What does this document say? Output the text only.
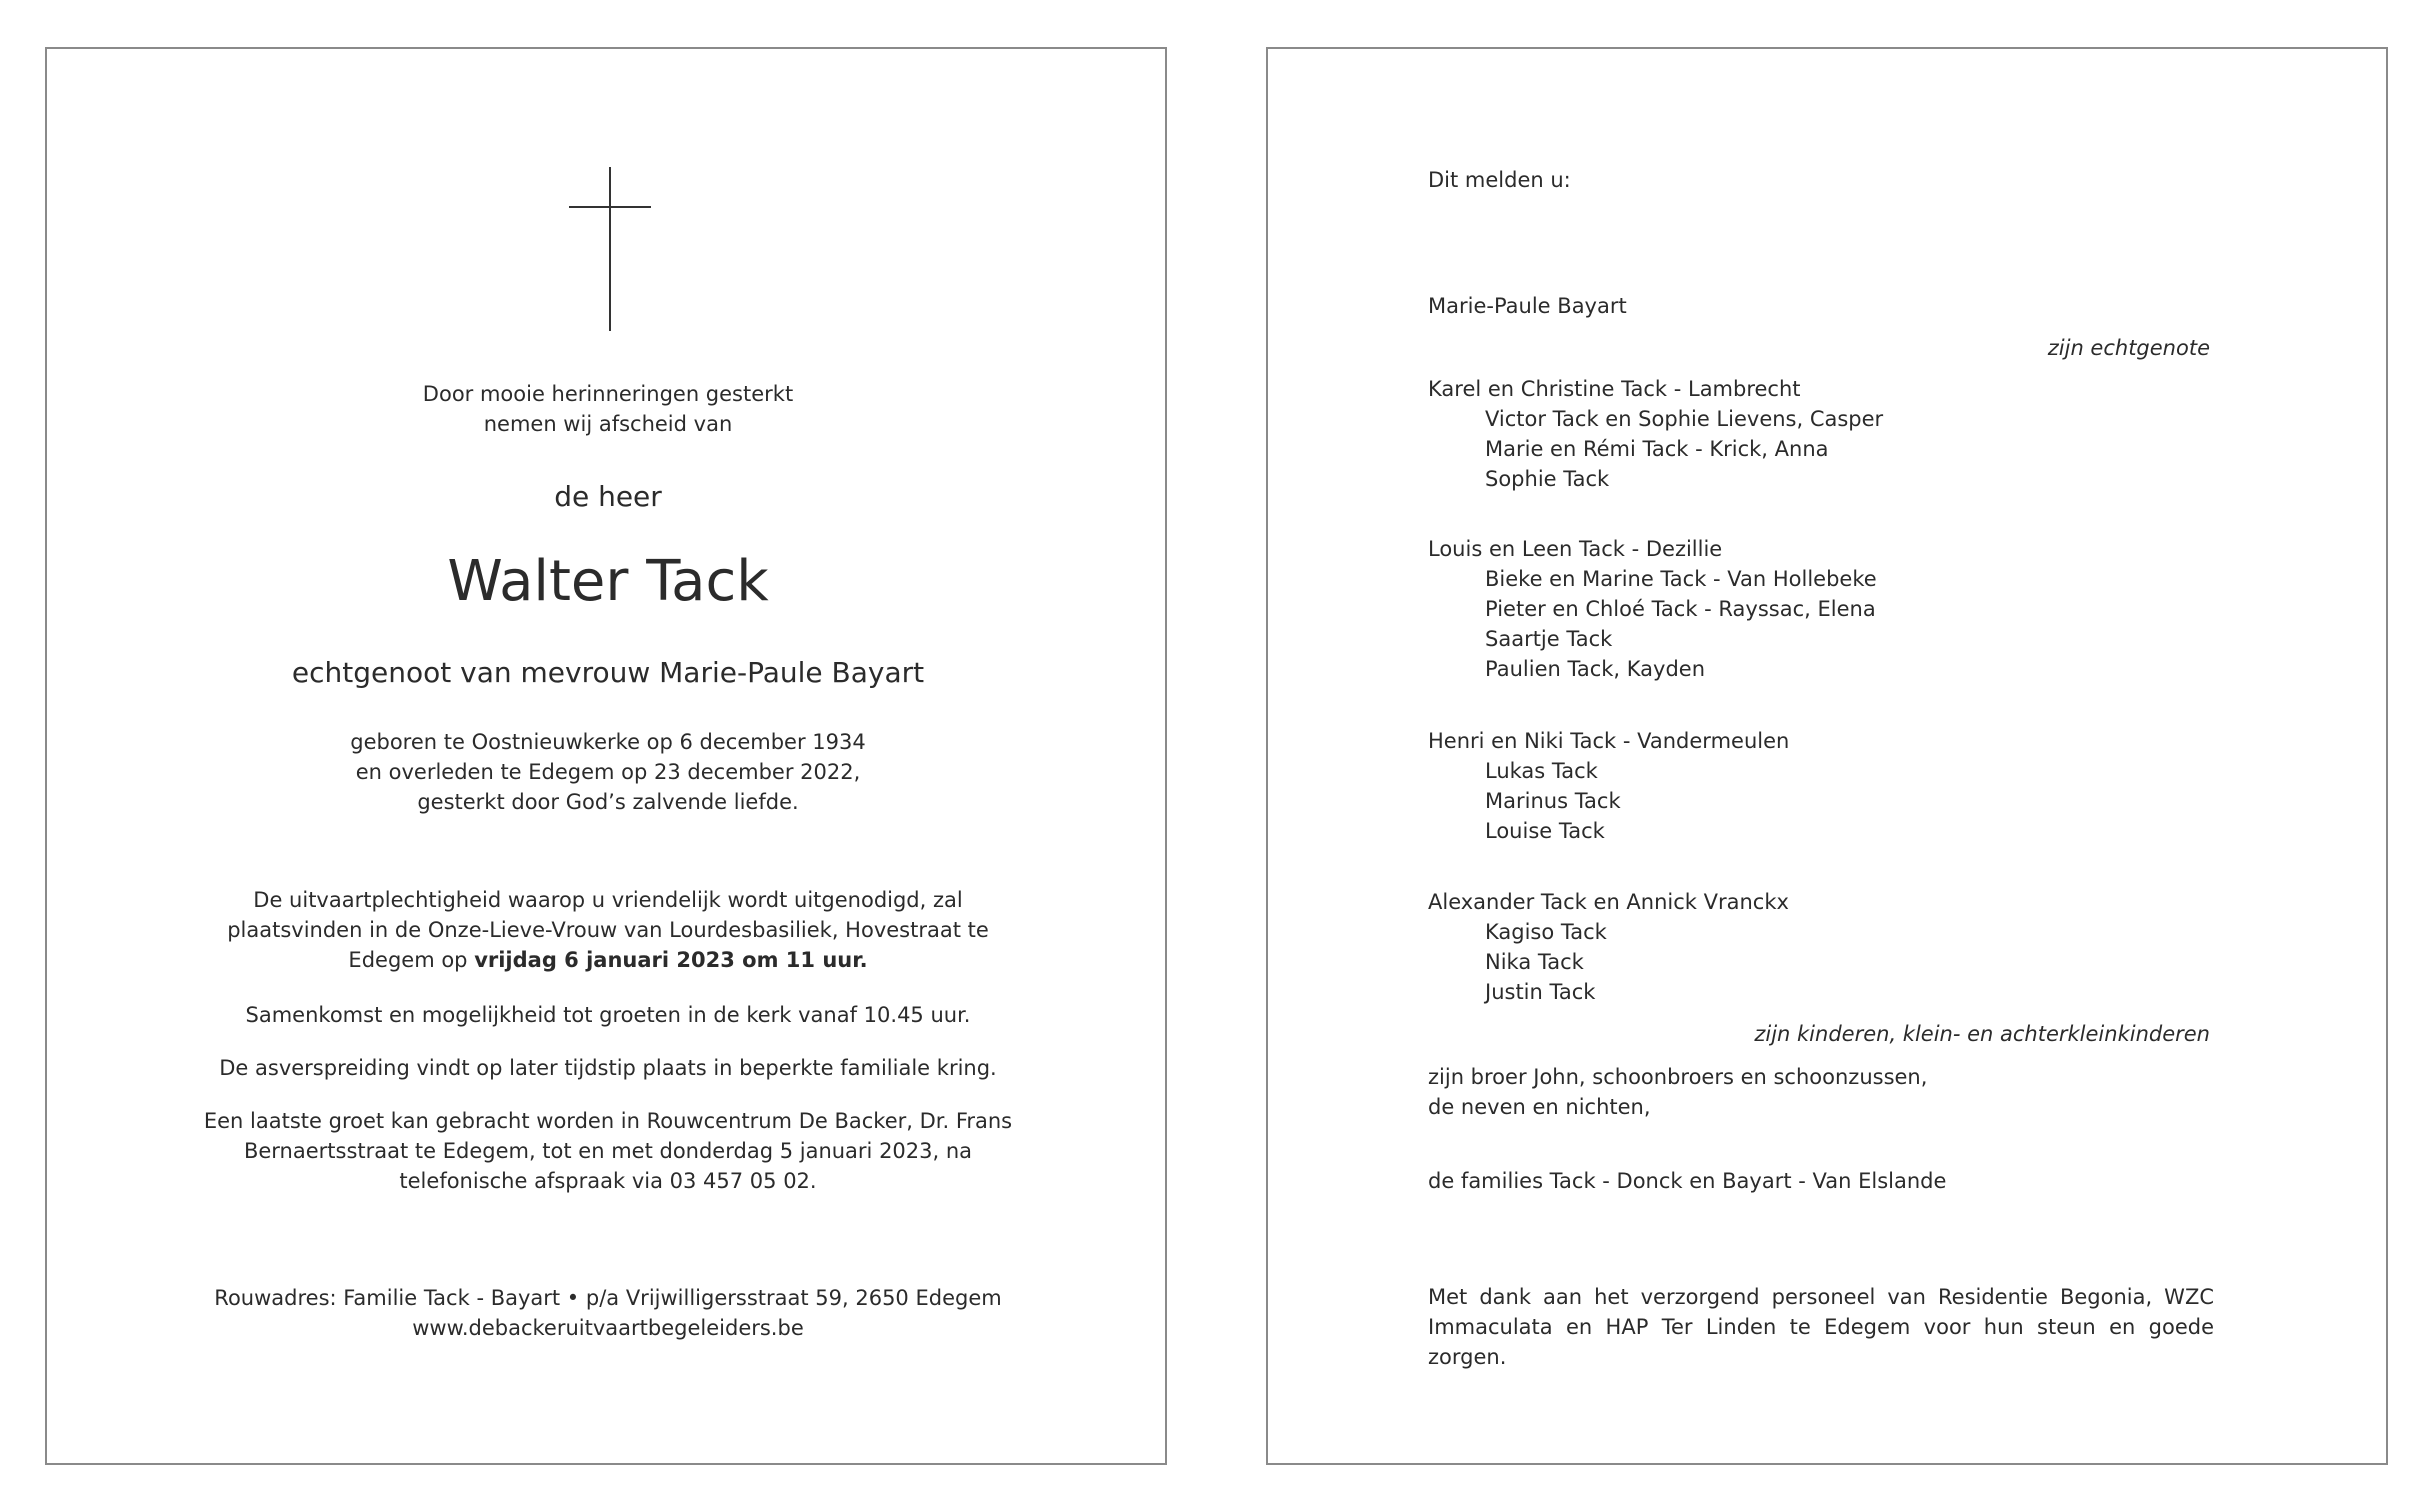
Door mooie herinneringen gesterkt
nemen wij afscheid van
de heer
Walter Tack
echtgenoot van mevrouw Marie-Paule Bayart
geboren te Oostnieuwkerke op 6 december 1934
en overleden te Edegem op 23 december 2022,
gesterkt door God’s zalvende liefde.
De uitvaartplechtigheid waarop u vriendelijk wordt uitgenodigd, zal
plaatsvinden in de Onze-Lieve-Vrouw van Lourdesbasiliek, Hovestraat te
Edegem op vrijdag 6 januari 2023 om 11 uur.
Samenkomst en mogelijkheid tot groeten in de kerk vanaf 10.45 uur.
De asverspreiding vindt op later tijdstip plaats in beperkte familiale kring.
Een laatste groet kan gebracht worden in Rouwcentrum De Backer, Dr. Frans
Bernaertsstraat te Edegem, tot en met donderdag 5 januari 2023, na
telefonische afspraak via 03 457 05 02.
Rouwadres: Familie Tack - Bayart • p/a Vrijwilligersstraat 59, 2650 Edegem
www.debackeruitvaartbegeleiders.be
Dit melden u:
Marie-Paule Bayart
zijn echtgenote
Karel en Christine Tack - Lambrecht
Victor Tack en Sophie Lievens, Casper
Marie en Rémi Tack - Krick, Anna
Sophie Tack
Louis en Leen Tack - Dezillie
Bieke en Marine Tack - Van Hollebeke
Pieter en Chloé Tack - Rayssac, Elena
Saartje Tack
Paulien Tack, Kayden
Henri en Niki Tack - Vandermeulen
Lukas Tack
Marinus Tack
Louise Tack
Alexander Tack en Annick Vranckx
Kagiso Tack
Nika Tack
Justin Tack
zijn kinderen, klein- en achterkleinkinderen
zijn broer John, schoonbroers en schoonzussen,
de neven en nichten,
de families Tack - Donck en Bayart - Van Elslande
Met dank aan het verzorgend personeel van Residentie Begonia, WZC Immaculata en HAP Ter Linden te Edegem voor hun steun en goede zorgen.
